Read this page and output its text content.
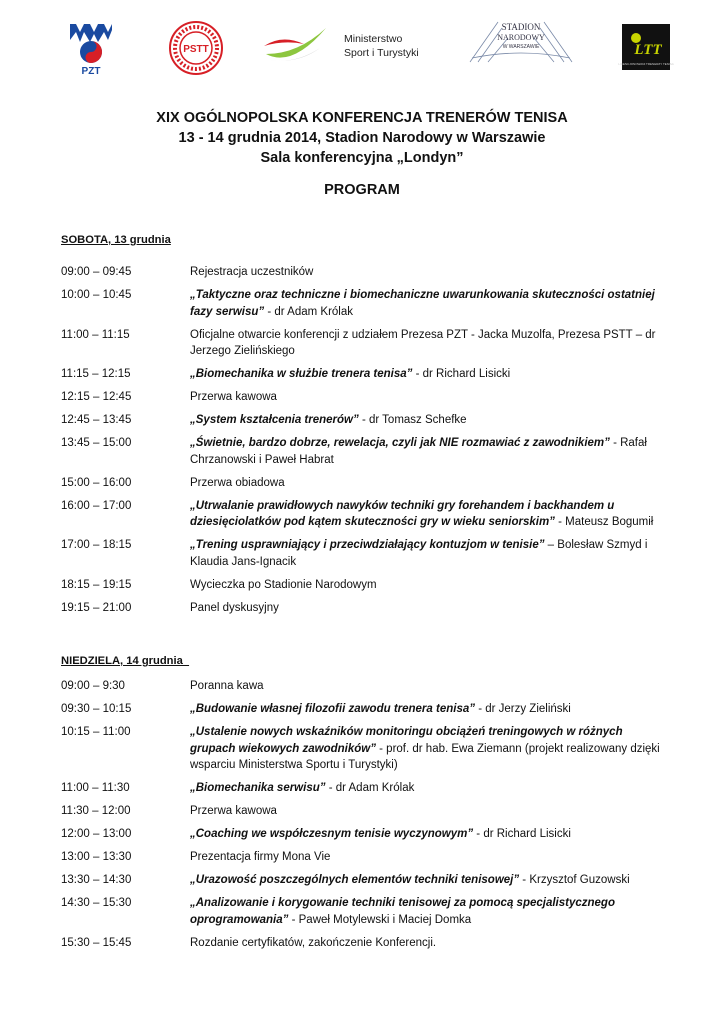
PZT
PSTT
Ministerstwo
Sport i Turystyki
STADION
NARODOWY
W WARSZAWIE	LTT
LICENCJONOWANI TRENERZY TENISA
XIX OGÓLNOPOLSKA KONFERENCJA TRENERÓW TENISA
13 - 14 grudnia 2014, Stadion Narodowy w Warszawie
Sala konferencyjna „Londyn”
PROGRAM
SOBOTA, 13 grudnia
09:00 – 09:45	Rejestracja uczestników
10:00 – 10:45	„Taktyczne oraz techniczne i biomechaniczne uwarunkowania skuteczności ostatniej fazy serwisu” - dr Adam Królak
11:00 – 11:15	Oficjalne otwarcie konferencji z udziałem Prezesa PZT - Jacka Muzolfa, Prezesa PSTT – dr Jerzego Zielińskiego
11:15 – 12:15	„Biomechanika w służbie trenera tenisa” - dr Richard Lisicki
12:15 – 12:45	Przerwa kawowa
12:45 – 13:45	„System kształcenia trenerów” - dr Tomasz Schefke
13:45 – 15:00	„Świetnie, bardzo dobrze, rewelacja, czyli jak NIE rozmawiać z zawodnikiem” - Rafał Chrzanowski i Paweł Habrat
15:00 – 16:00	Przerwa obiadowa
16:00 – 17:00	„Utrwalanie prawidłowych nawyków techniki gry forehandem i backhandem u dziesięciolatków pod kątem skuteczności gry w wieku seniorskim” - Mateusz Bogumił
17:00 – 18:15	„Trening usprawniający i przeciwdziałający kontuzjom w tenisie” – Bolesław Szmyd i Klaudia Jans-Ignacik
18:15 – 19:15	Wycieczka po Stadionie Narodowym
19:15 – 21:00	Panel dyskusyjny
NIEDZIELA, 14 grudnia
09:00 – 9:30	Poranna kawa
09:30 – 10:15	„Budowanie własnej filozofii zawodu trenera tenisa” - dr Jerzy Zieliński
10:15 – 11:00	„Ustalenie nowych wskaźników monitoringu obciążeń treningowych w różnych grupach wiekowych zawodników” - prof. dr hab. Ewa Ziemann (projekt realizowany dzięki wsparciu Ministerstwa Sportu i Turystyki)
11:00 – 11:30	„Biomechanika serwisu” - dr Adam Królak
11:30 – 12:00	Przerwa kawowa
12:00 – 13:00	„Coaching we współczesnym tenisie wyczynowym” - dr Richard Lisicki
13:00 – 13:30	Prezentacja firmy Mona Vie
13:30 – 14:30	„Urazowość poszczególnych elementów techniki tenisowej” - Krzysztof Guzowski
14:30 – 15:30	„Analizowanie i korygowanie techniki tenisowej za pomocą specjalistycznego oprogramowania” - Paweł Motylewski i Maciej Domka
15:30 – 15:45	Rozdanie certyfikatów, zakończenie Konferencji.
